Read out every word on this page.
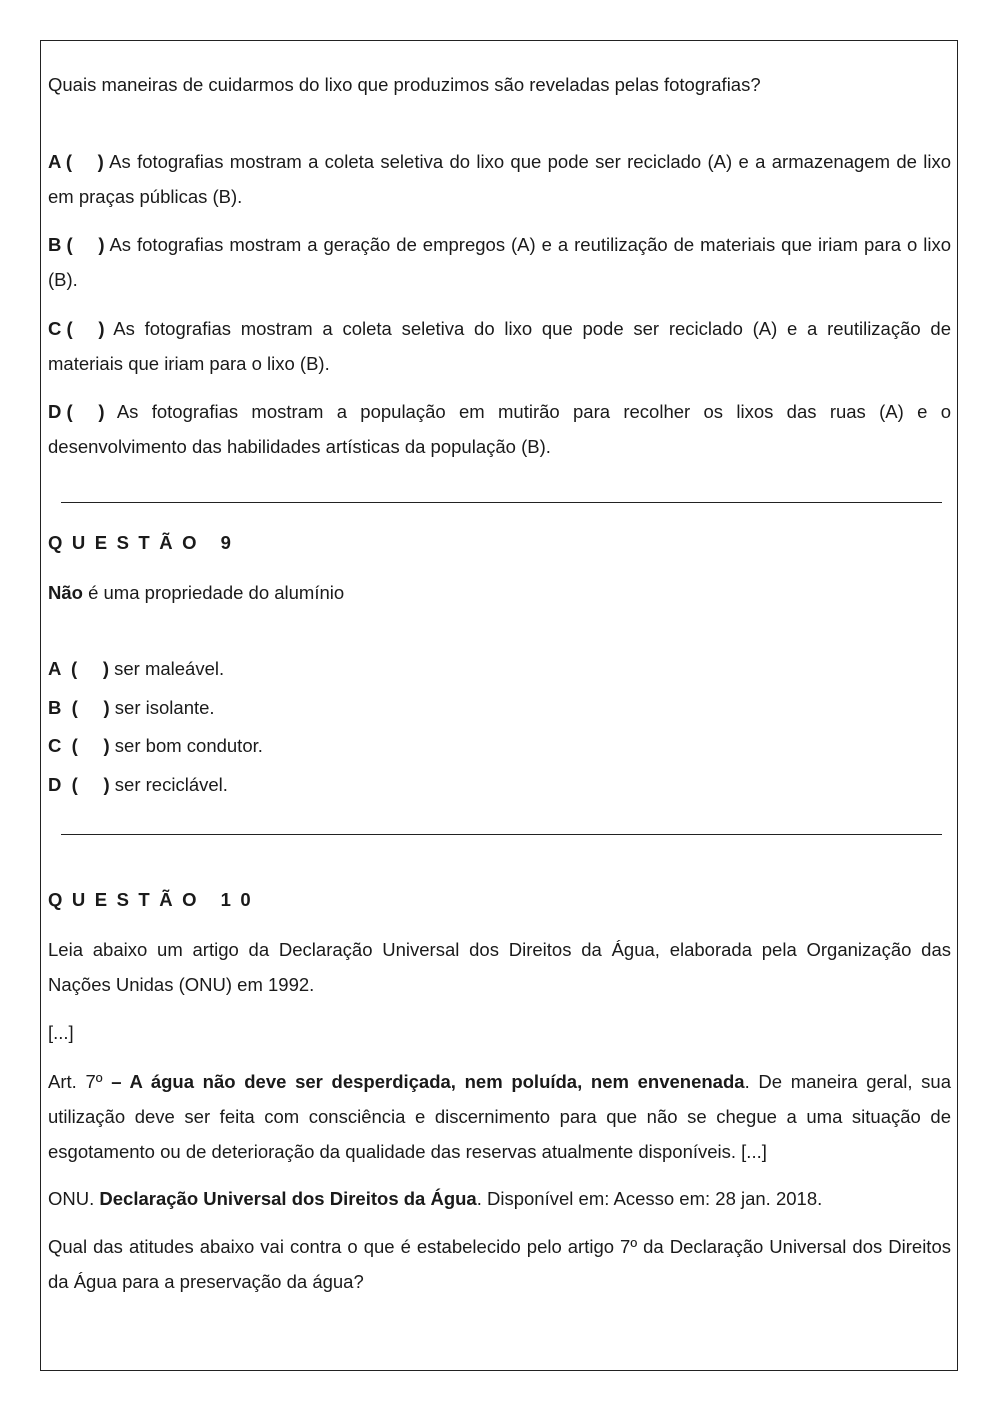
Quais maneiras de cuidarmos do lixo que produzimos são reveladas pelas fotografias?
A (     ) As fotografias mostram a coleta seletiva do lixo que pode ser reciclado (A) e a armazenagem de lixo em praças públicas (B).
B (     ) As fotografias mostram a geração de empregos (A) e a reutilização de materiais que iriam para o lixo (B).
C (     ) As fotografias mostram a coleta seletiva do lixo que pode ser reciclado (A) e a reutilização de materiais que iriam para o lixo (B).
D (     ) As fotografias mostram a população em mutirão para recolher os lixos das ruas (A) e o desenvolvimento das habilidades artísticas da população (B).
QUESTÃO 9
Não é uma propriedade do alumínio
A  (     ) ser maleável.
B  (     ) ser isolante.
C  (     ) ser bom condutor.
D  (     ) ser reciclável.
QUESTÃO 10
Leia abaixo um artigo da Declaração Universal dos Direitos da Água, elaborada pela Organização das Nações Unidas (ONU) em 1992.
[...]
Art. 7º – A água não deve ser desperdiçada, nem poluída, nem envenenada. De maneira geral, sua utilização deve ser feita com consciência e discernimento para que não se chegue a uma situação de esgotamento ou de deterioração da qualidade das reservas atualmente disponíveis. [...]
ONU. Declaração Universal dos Direitos da Água. Disponível em: Acesso em: 28 jan. 2018.
Qual das atitudes abaixo vai contra o que é estabelecido pelo artigo 7º da Declaração Universal dos Direitos da Água para a preservação da água?
